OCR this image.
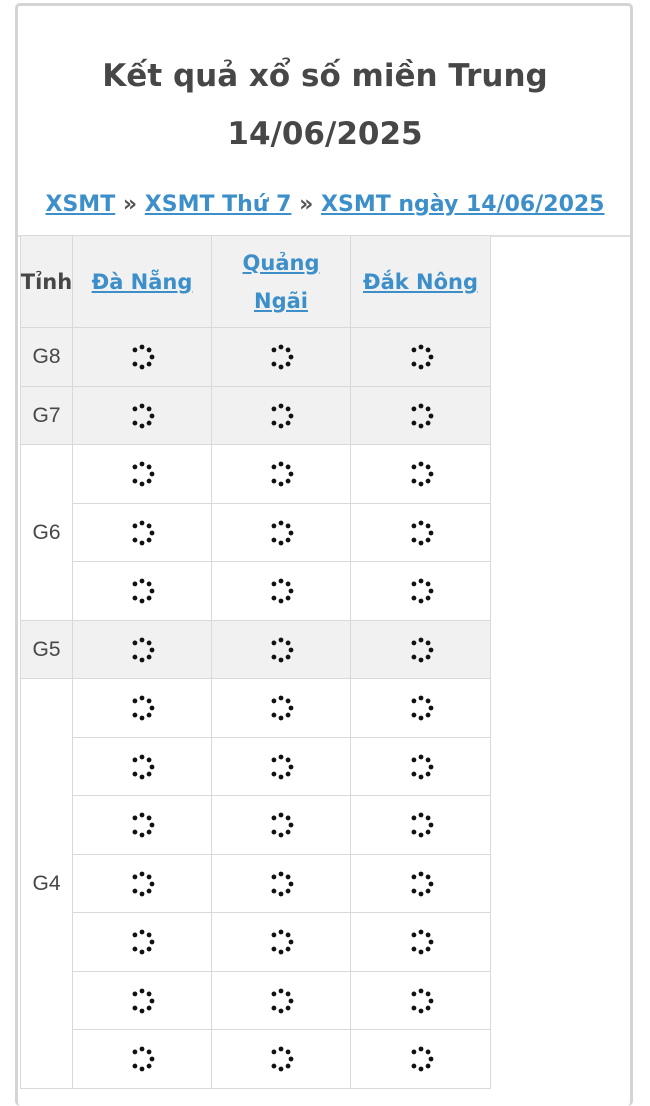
Kết quả xổ số miền Trung
14/06/2025
XSMT » XSMT Thứ 7 » XSMT ngày 14/06/2025
Tỉnh Đà Nẵng
Quảng
Ngãi
Đắk Nông
G8
G7
G6
G5
G4
